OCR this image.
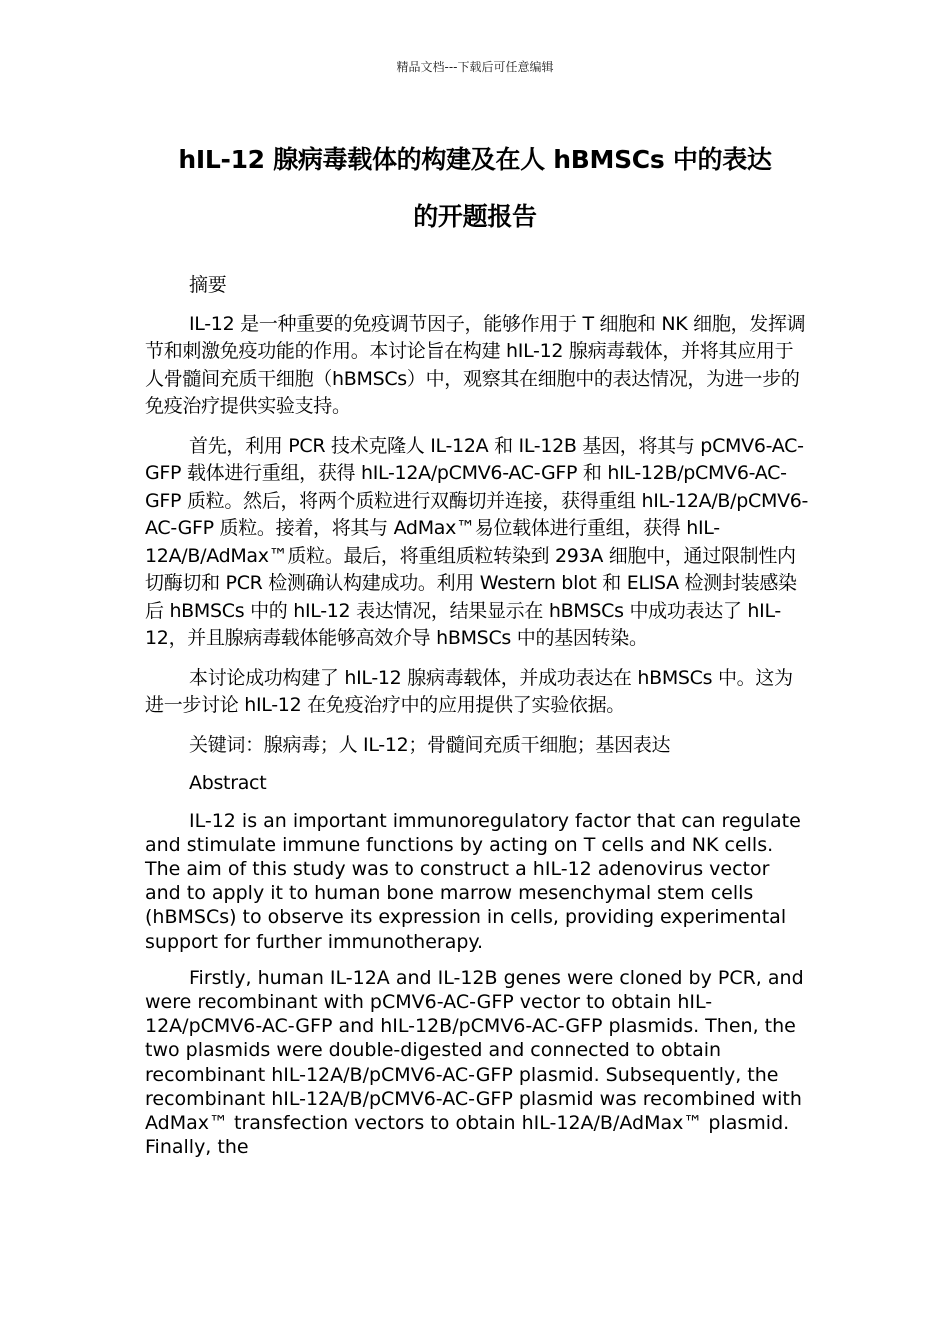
精品文档---下载后可任意编辑
hIL-12 腺病毒载体的构建及在人 hBMSCs 中的表达
的开题报告

摘要

IL-12 是一种重要的免疫调节因子，能够作用于 T 细胞和 NK 细胞，发挥调节和刺激免疫功能的作用。本讨论旨在构建 hIL-12 腺病毒载体，并将其应用于人骨髓间充质干细胞（hBMSCs）中，观察其在细胞中的表达情况，为进一步的免疫治疗提供实验支持。

首先，利用 PCR 技术克隆人 IL-12A 和 IL-12B 基因，将其与 pCMV6-AC-GFP 载体进行重组，获得 hIL-12A/pCMV6-AC-GFP 和 hIL-12B/pCMV6-AC-GFP 质粒。然后，将两个质粒进行双酶切并连接，获得重组 hIL-12A/B/pCMV6-AC-GFP 质粒。接着，将其与 AdMax™易位载体进行重组，获得 hIL-12A/B/AdMax™质粒。最后，将重组质粒转染到 293A 细胞中，通过限制性内切酶切和 PCR 检测确认构建成功。利用 Western blot 和 ELISA 检测封装感染后 hBMSCs 中的 hIL-12 表达情况，结果显示在 hBMSCs 中成功表达了 hIL-12，并且腺病毒载体能够高效介导 hBMSCs 中的基因转染。

本讨论成功构建了 hIL-12 腺病毒载体，并成功表达在 hBMSCs 中。这为进一步讨论 hIL-12 在免疫治疗中的应用提供了实验依据。

关键词：腺病毒；人 IL-12；骨髓间充质干细胞；基因表达

Abstract

IL-12 is an important immunoregulatory factor that can regulate and stimulate immune functions by acting on T cells and NK cells. The aim of this study was to construct a hIL-12 adenovirus vector and to apply it to human bone marrow mesenchymal stem cells (hBMSCs) to observe its expression in cells, providing experimental support for further immunotherapy.

Firstly, human IL-12A and IL-12B genes were cloned by PCR, and were recombinant with pCMV6-AC-GFP vector to obtain hIL-12A/pCMV6-AC-GFP and hIL-12B/pCMV6-AC-GFP plasmids. Then, the two plasmids were double-digested and connected to obtain recombinant hIL-12A/B/pCMV6-AC-GFP plasmid. Subsequently, the recombinant hIL-12A/B/pCMV6-AC-GFP plasmid was recombined with AdMax™ transfection vectors to obtain hIL-12A/B/AdMax™ plasmid. Finally, the
